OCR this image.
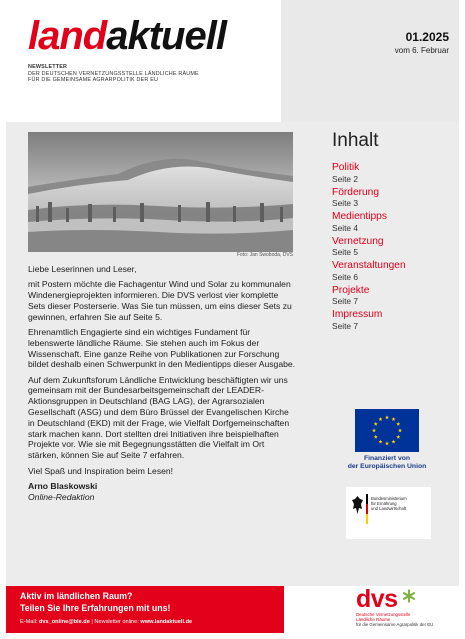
landaktuell	01.2025
vom 6. Februar
NEWSLETTER
DER DEUTSCHEN VERNETZUNGSSTELLE LÄNDLICHE RÄUME
FÜR DIE GEMEINSAME AGRARPOLITIK DER EU
Foto: Jan Swoboda, DVS

Liebe Leserinnen und Leser,

mit Postern möchte die Fachagentur Wind und Solar zu kommunalen Windenergieprojekten informieren. Die DVS verlost vier komplette Sets dieser Posterserie. Was Sie tun müssen, um eins dieser Sets zu gewinnen, erfahren Sie auf Seite 5.

Ehrenamtlich Engagierte sind ein wichtiges Fundament für lebenswerte ländliche Räume. Sie stehen auch im Fokus der Wissenschaft. Eine ganze Reihe von Publikationen zur Forschung bildet deshalb einen Schwerpunkt in den Medientipps dieser Ausgabe.

Auf dem Zukunftsforum Ländliche Entwicklung beschäftigten wir uns gemeinsam mit der Bundesarbeitsgemeinschaft der LEADER-Aktionsgruppen in Deutschland (BAG LAG), der Agrarsozialen Gesellschaft (ASG) und dem Büro Brüssel der Evangelischen Kirche in Deutschland (EKD) mit der Frage, wie Vielfalt Dorfgemeinschaften stark machen kann. Dort stellten drei Initiativen ihre beispielhaften Projekte vor. Wie sie mit Begegnungsstätten die Vielfalt im Ort stärken, können Sie auf Seite 7 erfahren.

Viel Spaß und Inspiration beim Lesen!

Arno Blaskowski

Online-Redaktion

Inhalt
Politik
Seite 2
Förderung
Seite 3
Medientipps
Seite 4
Vernetzung
Seite 5
Veranstaltungen
Seite 6
Projekte
Seite 7
Impressum
Seite 7
Finanziert von
der Europäischen Union
Bundesministerium
für Ernährung
und Landwirtschaft
Aktiv im ländlichen Raum?
Teilen Sie Ihre Erfahrungen mit uns!
E-Mail: dvs_online@ble.de | Newsletter online: www.landaktuell.de
dvs
Deutsche Vernetzungsstelle
Ländliche Räume
für die Gemeinsame Agrarpolitik der EU
